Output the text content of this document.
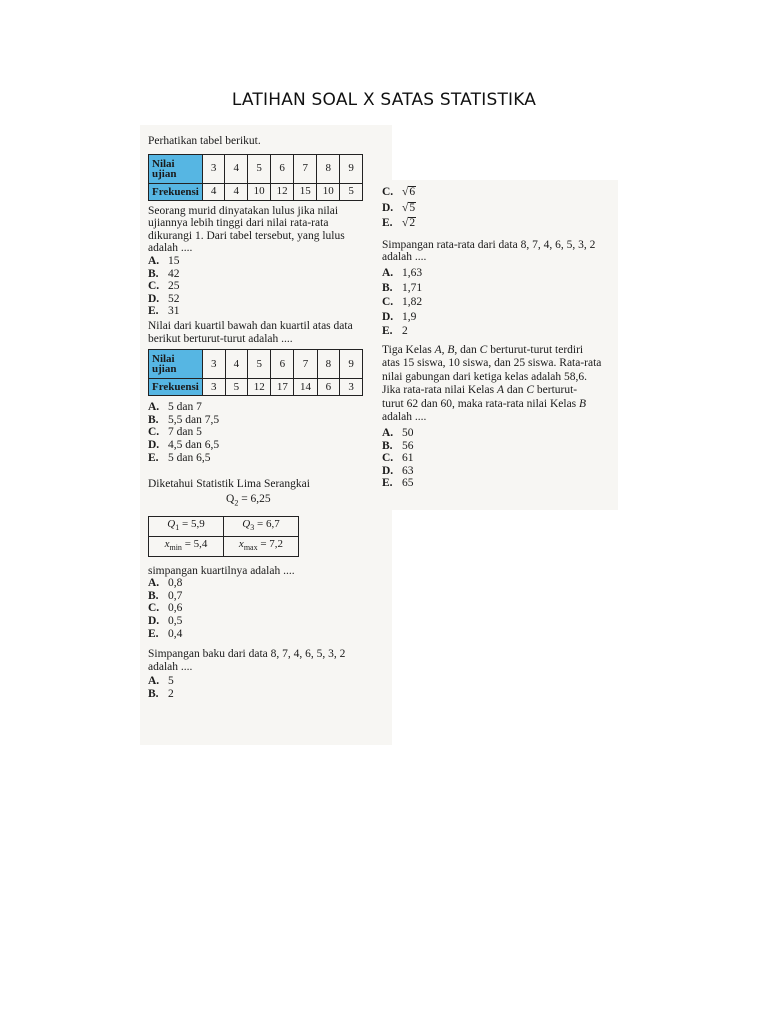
LATIHAN SOAL X SATAS STATISTIKA

Perhatikan tabel berikut.

Nilai
ujian	3	4	5	6	7	8	9
Frekuensi	4	4	10	12	15	10	5

Seorang murid dinyatakan lulus jika nilai

ujiannya lebih tinggi dari nilai rata-rata

dikurangi 1. Dari tabel tersebut, yang lulus

adalah ....

A. 15
B. 42
C. 25
D. 52
E. 31

Nilai dari kuartil bawah dan kuartil atas data

berikut berturut-turut adalah ....

Nilai
ujian	3	4	5	6	7	8	9
Frekuensi	3	5	12	17	14	6	3
A. 5 dan 7
B. 5,5 dan 7,5
C. 7 dan 5
D. 4,5 dan 6,5
E. 5 dan 6,5

Diketahui Statistik Lima Serangkai

$Q_2 = 6,25$

$Q_1 = 5,9$	$Q_3 = 6,7$
$x_{min} = 5,4$	$x_{max} = 7,2$

simpangan kuartilnya adalah ....

A. 0,8
B. 0,7
C. 0,6
D. 0,5
E. 0,4

Simpangan baku dari data 8, 7, 4, 6, 5, 3, 2

adalah ....

A. 5
B. 2
C. √6
D. √5
E. √2

Simpangan rata-rata dari data 8, 7, 4, 6, 5, 3, 2

adalah ....

A. 1,63
B. 1,71
C. 1,82
D. 1,9
E. 2

Tiga Kelas A, B, dan C berturut-turut terdiri

atas 15 siswa, 10 siswa, dan 25 siswa. Rata-rata

nilai gabungan dari ketiga kelas adalah 58,6.

Jika rata-rata nilai Kelas A dan C berturut-

turut 62 dan 60, maka rata-rata nilai Kelas B

adalah ....

A. 50
B. 56
C. 61
D. 63
E. 65
